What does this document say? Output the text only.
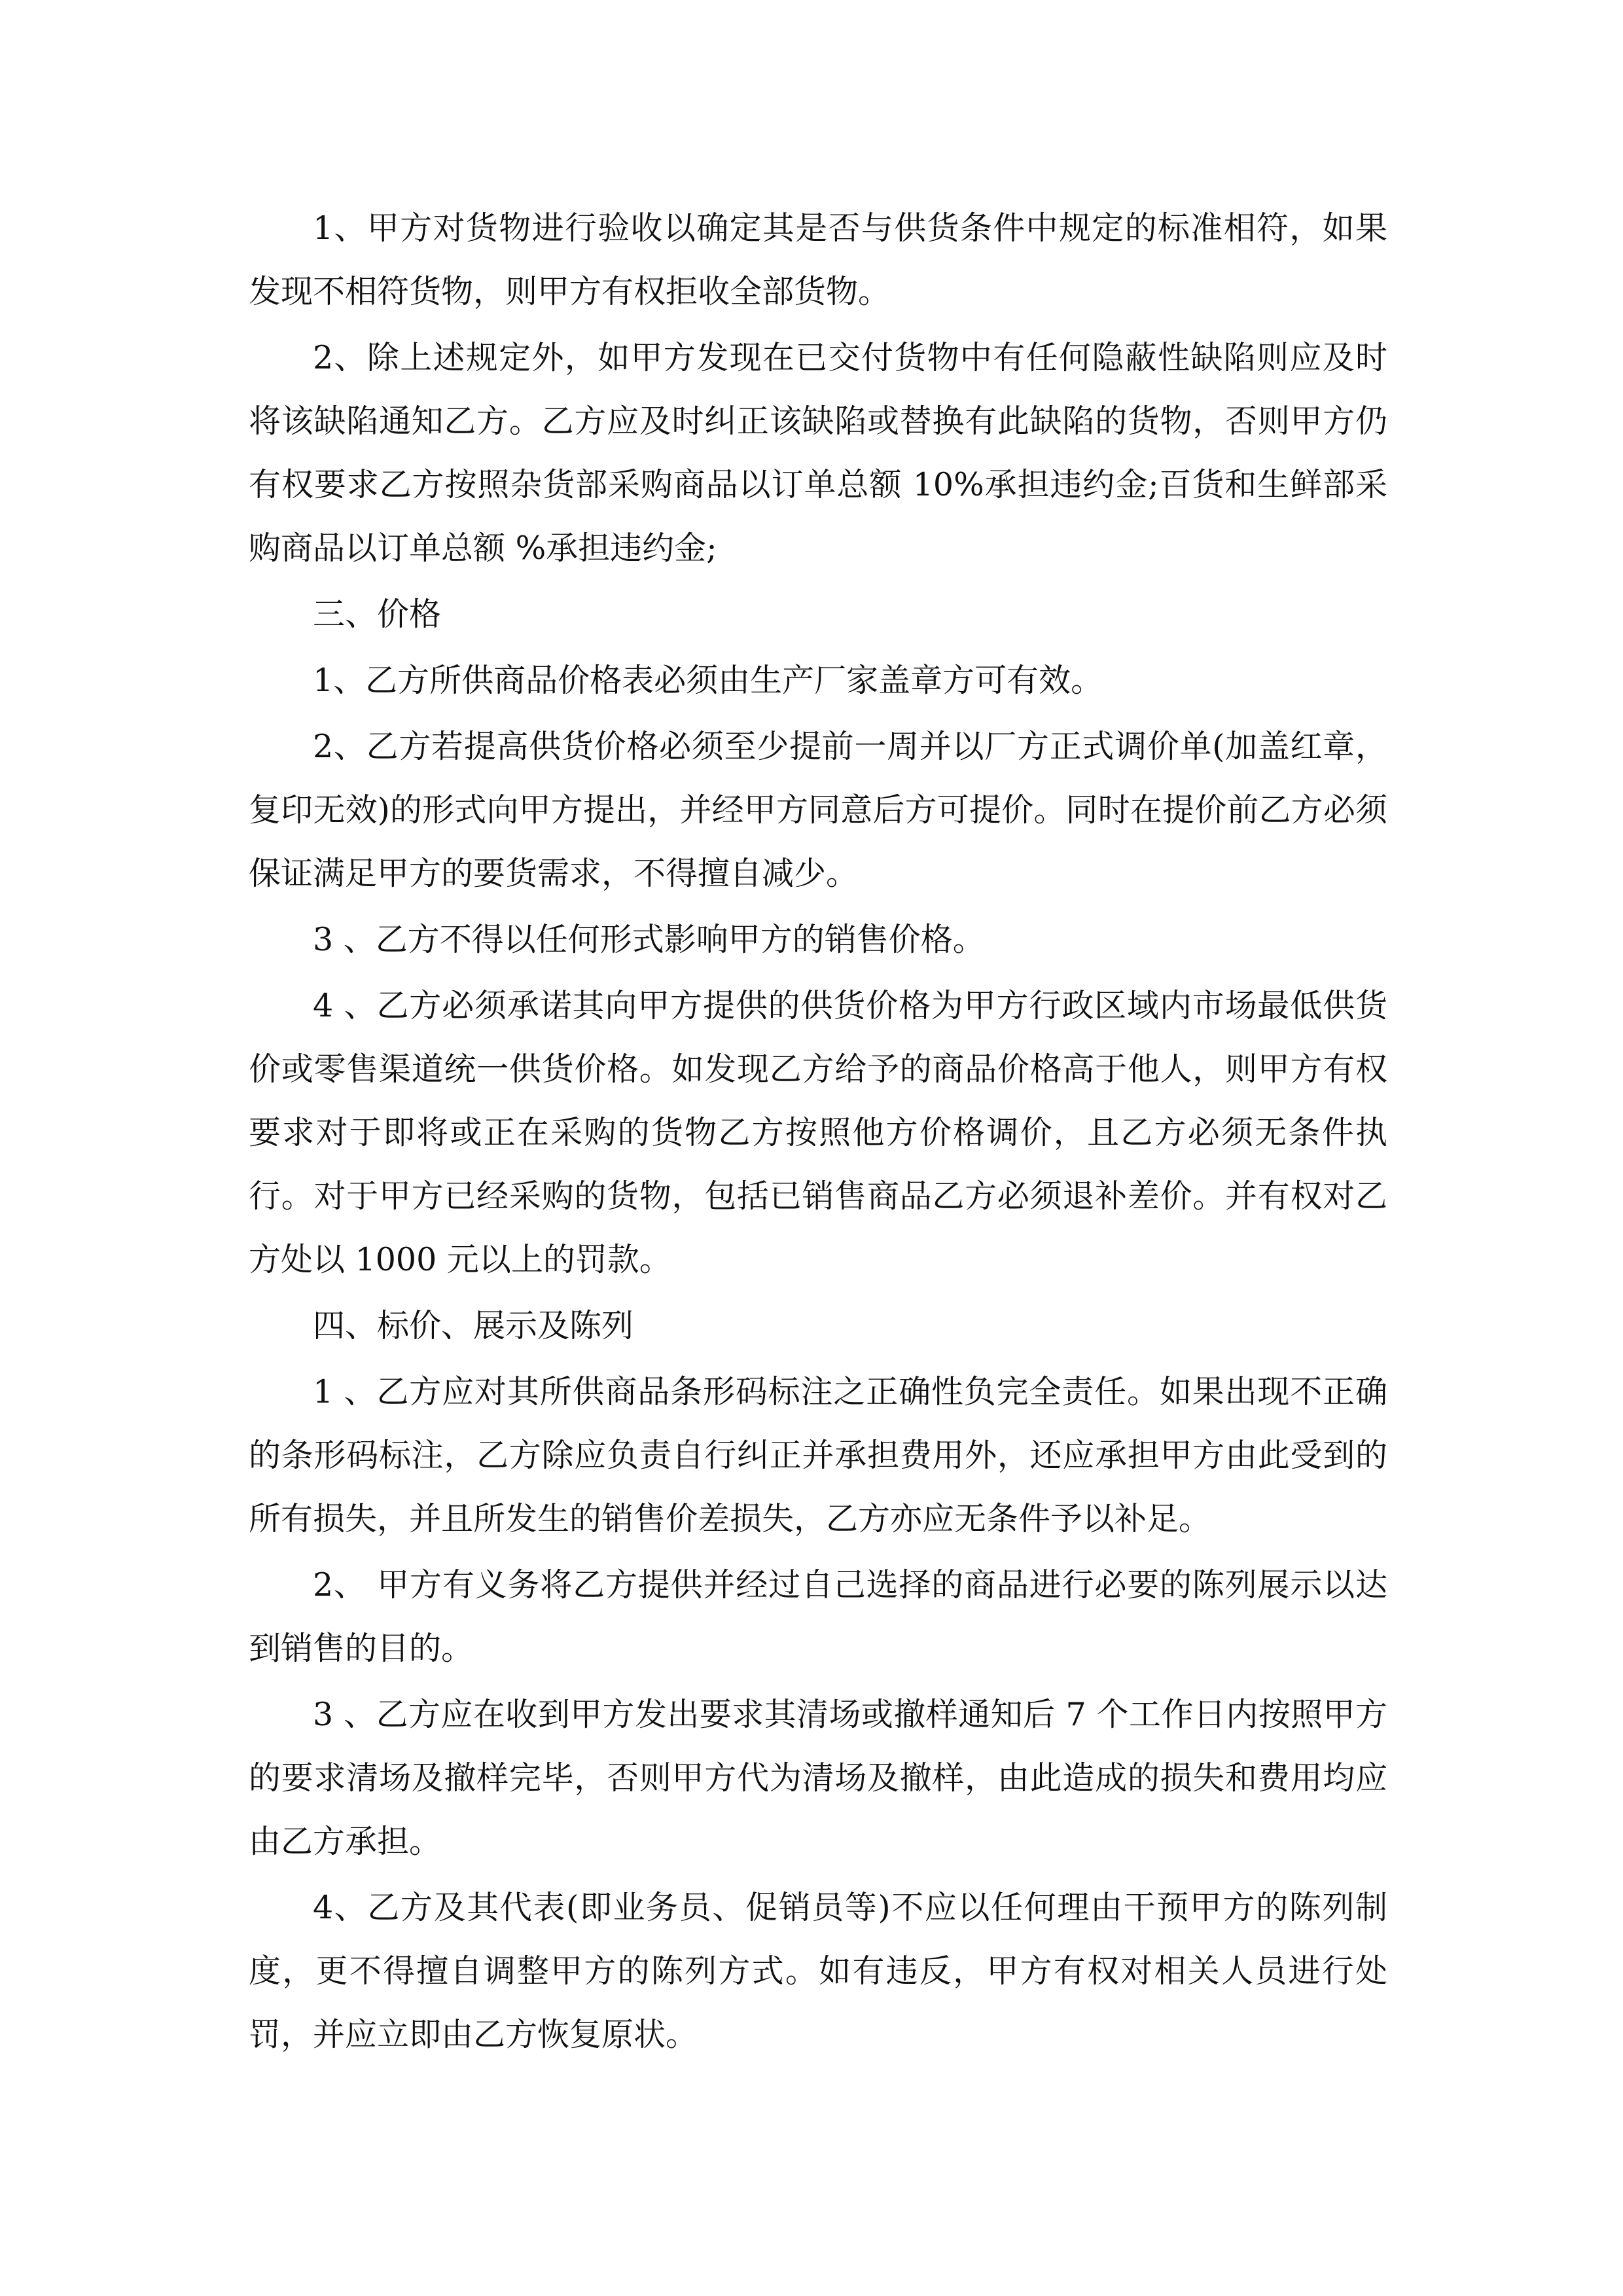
1、甲方对货物进行验收以确定其是否与供货条件中规定的标准相符，如果发现不相符货物，则甲方有权拒收全部货物。

2、除上述规定外，如甲方发现在已交付货物中有任何隐蔽性缺陷则应及时将该缺陷通知乙方。乙方应及时纠正该缺陷或替换有此缺陷的货物，否则甲方仍有权要求乙方按照杂货部采购商品以订单总额 10%承担违约金;百货和生鲜部采购商品以订单总额 %承担违约金;

三、价格

1、乙方所供商品价格表必须由生产厂家盖章方可有效。

2、乙方若提高供货价格必须至少提前一周并以厂方正式调价单(加盖红章，复印无效)的形式向甲方提出，并经甲方同意后方可提价。同时在提价前乙方必须保证满足甲方的要货需求，不得擅自减少。

3 、乙方不得以任何形式影响甲方的销售价格。

4 、乙方必须承诺其向甲方提供的供货价格为甲方行政区域内市场最低供货价或零售渠道统一供货价格。如发现乙方给予的商品价格高于他人，则甲方有权要求对于即将或正在采购的货物乙方按照他方价格调价，且乙方必须无条件执行。对于甲方已经采购的货物，包括已销售商品乙方必须退补差价。并有权对乙方处以 1000 元以上的罚款。

四、标价、展示及陈列

1 、乙方应对其所供商品条形码标注之正确性负完全责任。如果出现不正确的条形码标注，乙方除应负责自行纠正并承担费用外，还应承担甲方由此受到的所有损失，并且所发生的销售价差损失，乙方亦应无条件予以补足。

2、 甲方有义务将乙方提供并经过自己选择的商品进行必要的陈列展示以达到销售的目的。

3 、乙方应在收到甲方发出要求其清场或撤样通知后 7 个工作日内按照甲方的要求清场及撤样完毕，否则甲方代为清场及撤样，由此造成的损失和费用均应由乙方承担。

4、乙方及其代表(即业务员、促销员等)不应以任何理由干预甲方的陈列制度，更不得擅自调整甲方的陈列方式。如有违反，甲方有权对相关人员进行处罚，并应立即由乙方恢复原状。
